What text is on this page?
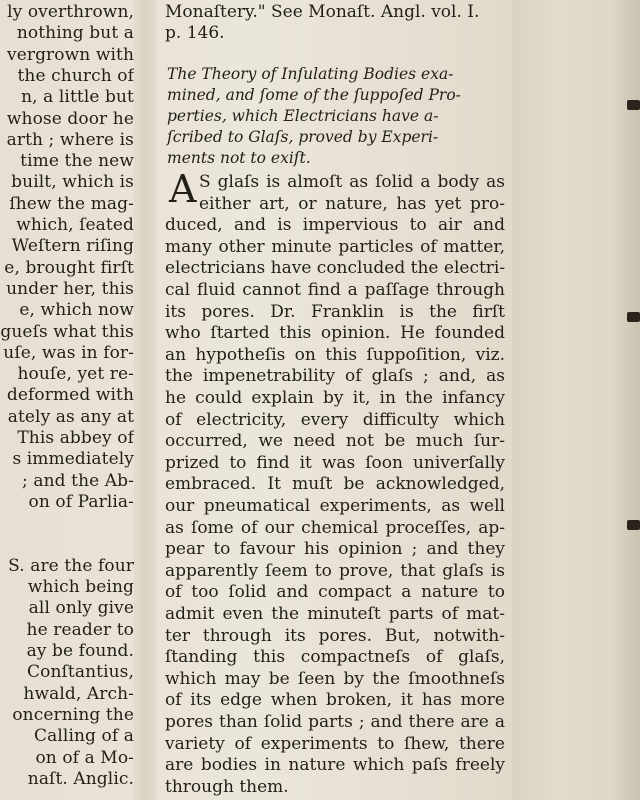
ly overthrown,
nothing but a
vergrown with
the church of
n, a little but
whose door he
arth ; where is
time the new
built, which is
ſhew the mag-
which, ſeated
Weſtern riſing
e, brought firſt
under her, this
e, which now
gueſs what this
uſe, was in for-
houſe, yet re-
deformed with
ately as any at
This abbey of
s immediately
; and the Ab-
on of Parlia-
S. are the four
which being
all only give
he reader to
ay be found.
Conſtantius,
hwald, Arch-
oncerning the
Calling of a
on of a Mo-
naſt. Anglic.
Monaſtery." See Monaſt. Angl. vol. I.
p. 146.
The Theory of Inſulating Bodies exa-
mined, and ſome of the ſuppoſed Pro-
perties, which Electricians have a-
ſcribed to Glaſs, proved by Experi-
ments not to exiſt.
A S glaſs is almoſt as ſolid a body as
either art, or nature, has yet pro-
duced, and is impervious to air and
many other minute particles of matter,
electricians have concluded the electri-
cal fluid cannot find a paſſage through
its pores. Dr. Franklin is the firſt
who ſtarted this opinion. He founded
an hypotheſis on this ſuppoſition, viz.
the impenetrability of glaſs ; and, as
he could explain by it, in the infancy
of electricity, every difficulty which
occurred, we need not be much ſur-
prized to find it was ſoon univerſally
embraced. It muſt be acknowledged,
our pneumatical experiments, as well
as ſome of our chemical proceſſes, ap-
pear to favour his opinion ; and they
apparently ſeem to prove, that glaſs is
of too ſolid and compact a nature to
admit even the minuteſt parts of mat-
ter through its pores. But, notwith-
ſtanding this compactneſs of glaſs,
which may be ſeen by the ſmoothneſs
of its edge when broken, it has more
pores than ſolid parts ; and there are a
variety of experiments to ſhew, there
are bodies in nature which paſs freely
through them.
